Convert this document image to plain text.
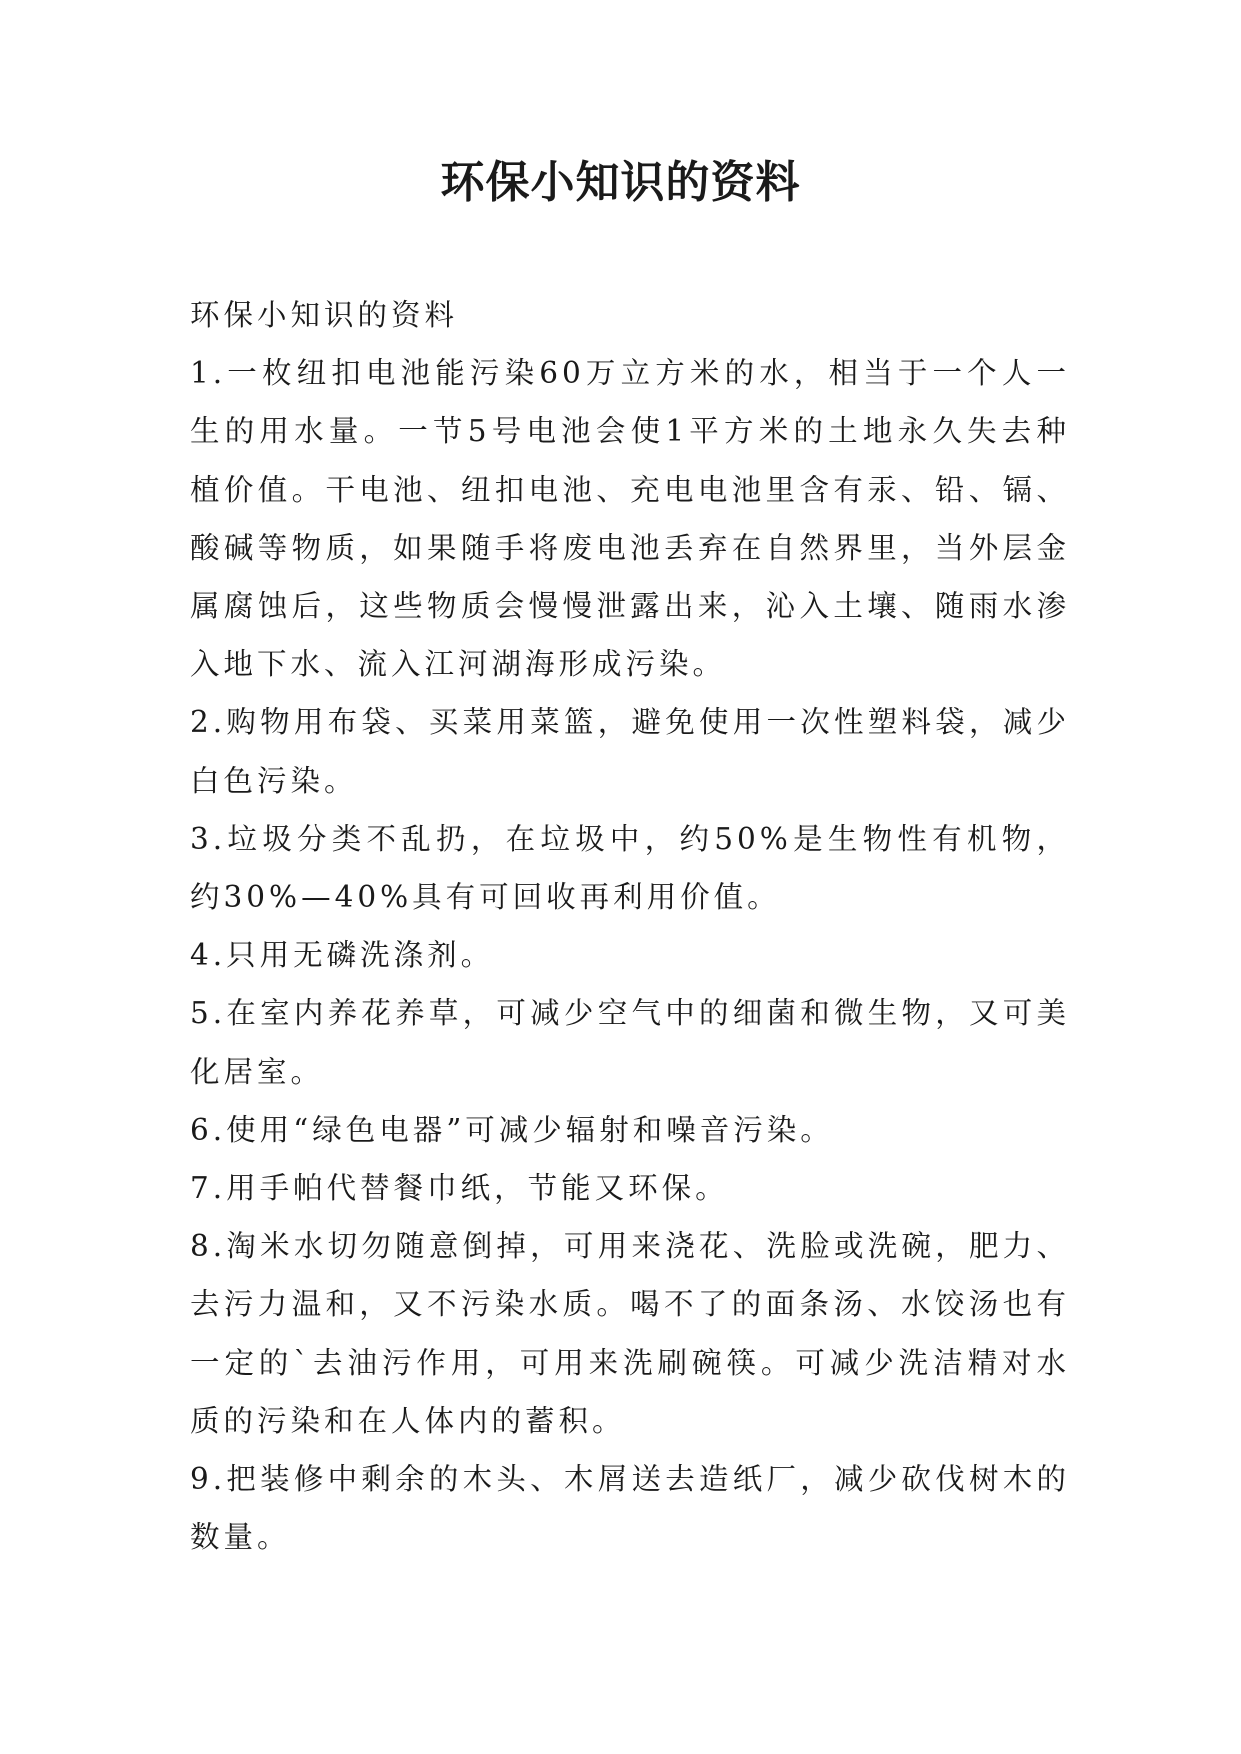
环保小知识的资料

环保小知识的资料

1.一枚纽扣电池能污染60万立方米的水，相当于一个人一生的用水量。一节5号电池会使1平方米的土地永久失去种植价值。干电池、纽扣电池、充电电池里含有汞、铅、镉、酸碱等物质，如果随手将废电池丢弃在自然界里，当外层金属腐蚀后，这些物质会慢慢泄露出来，沁入土壤、随雨水渗入地下水、流入江河湖海形成污染。

2.购物用布袋、买菜用菜篮，避免使用一次性塑料袋，减少白色污染。

3.垃圾分类不乱扔，在垃圾中，约50%是生物性有机物，约30%—40%具有可回收再利用价值。

4.只用无磷洗涤剂。

5.在室内养花养草，可减少空气中的细菌和微生物，又可美化居室。

6.使用“绿色电器”可减少辐射和噪音污染。

7.用手帕代替餐巾纸，节能又环保。

8.淘米水切勿随意倒掉，可用来浇花、洗脸或洗碗，肥力、去污力温和，又不污染水质。喝不了的面条汤、水饺汤也有一定的`去油污作用，可用来洗刷碗筷。可减少洗洁精对水质的污染和在人体内的蓄积。

9.把装修中剩余的木头、木屑送去造纸厂，减少砍伐树木的数量。
